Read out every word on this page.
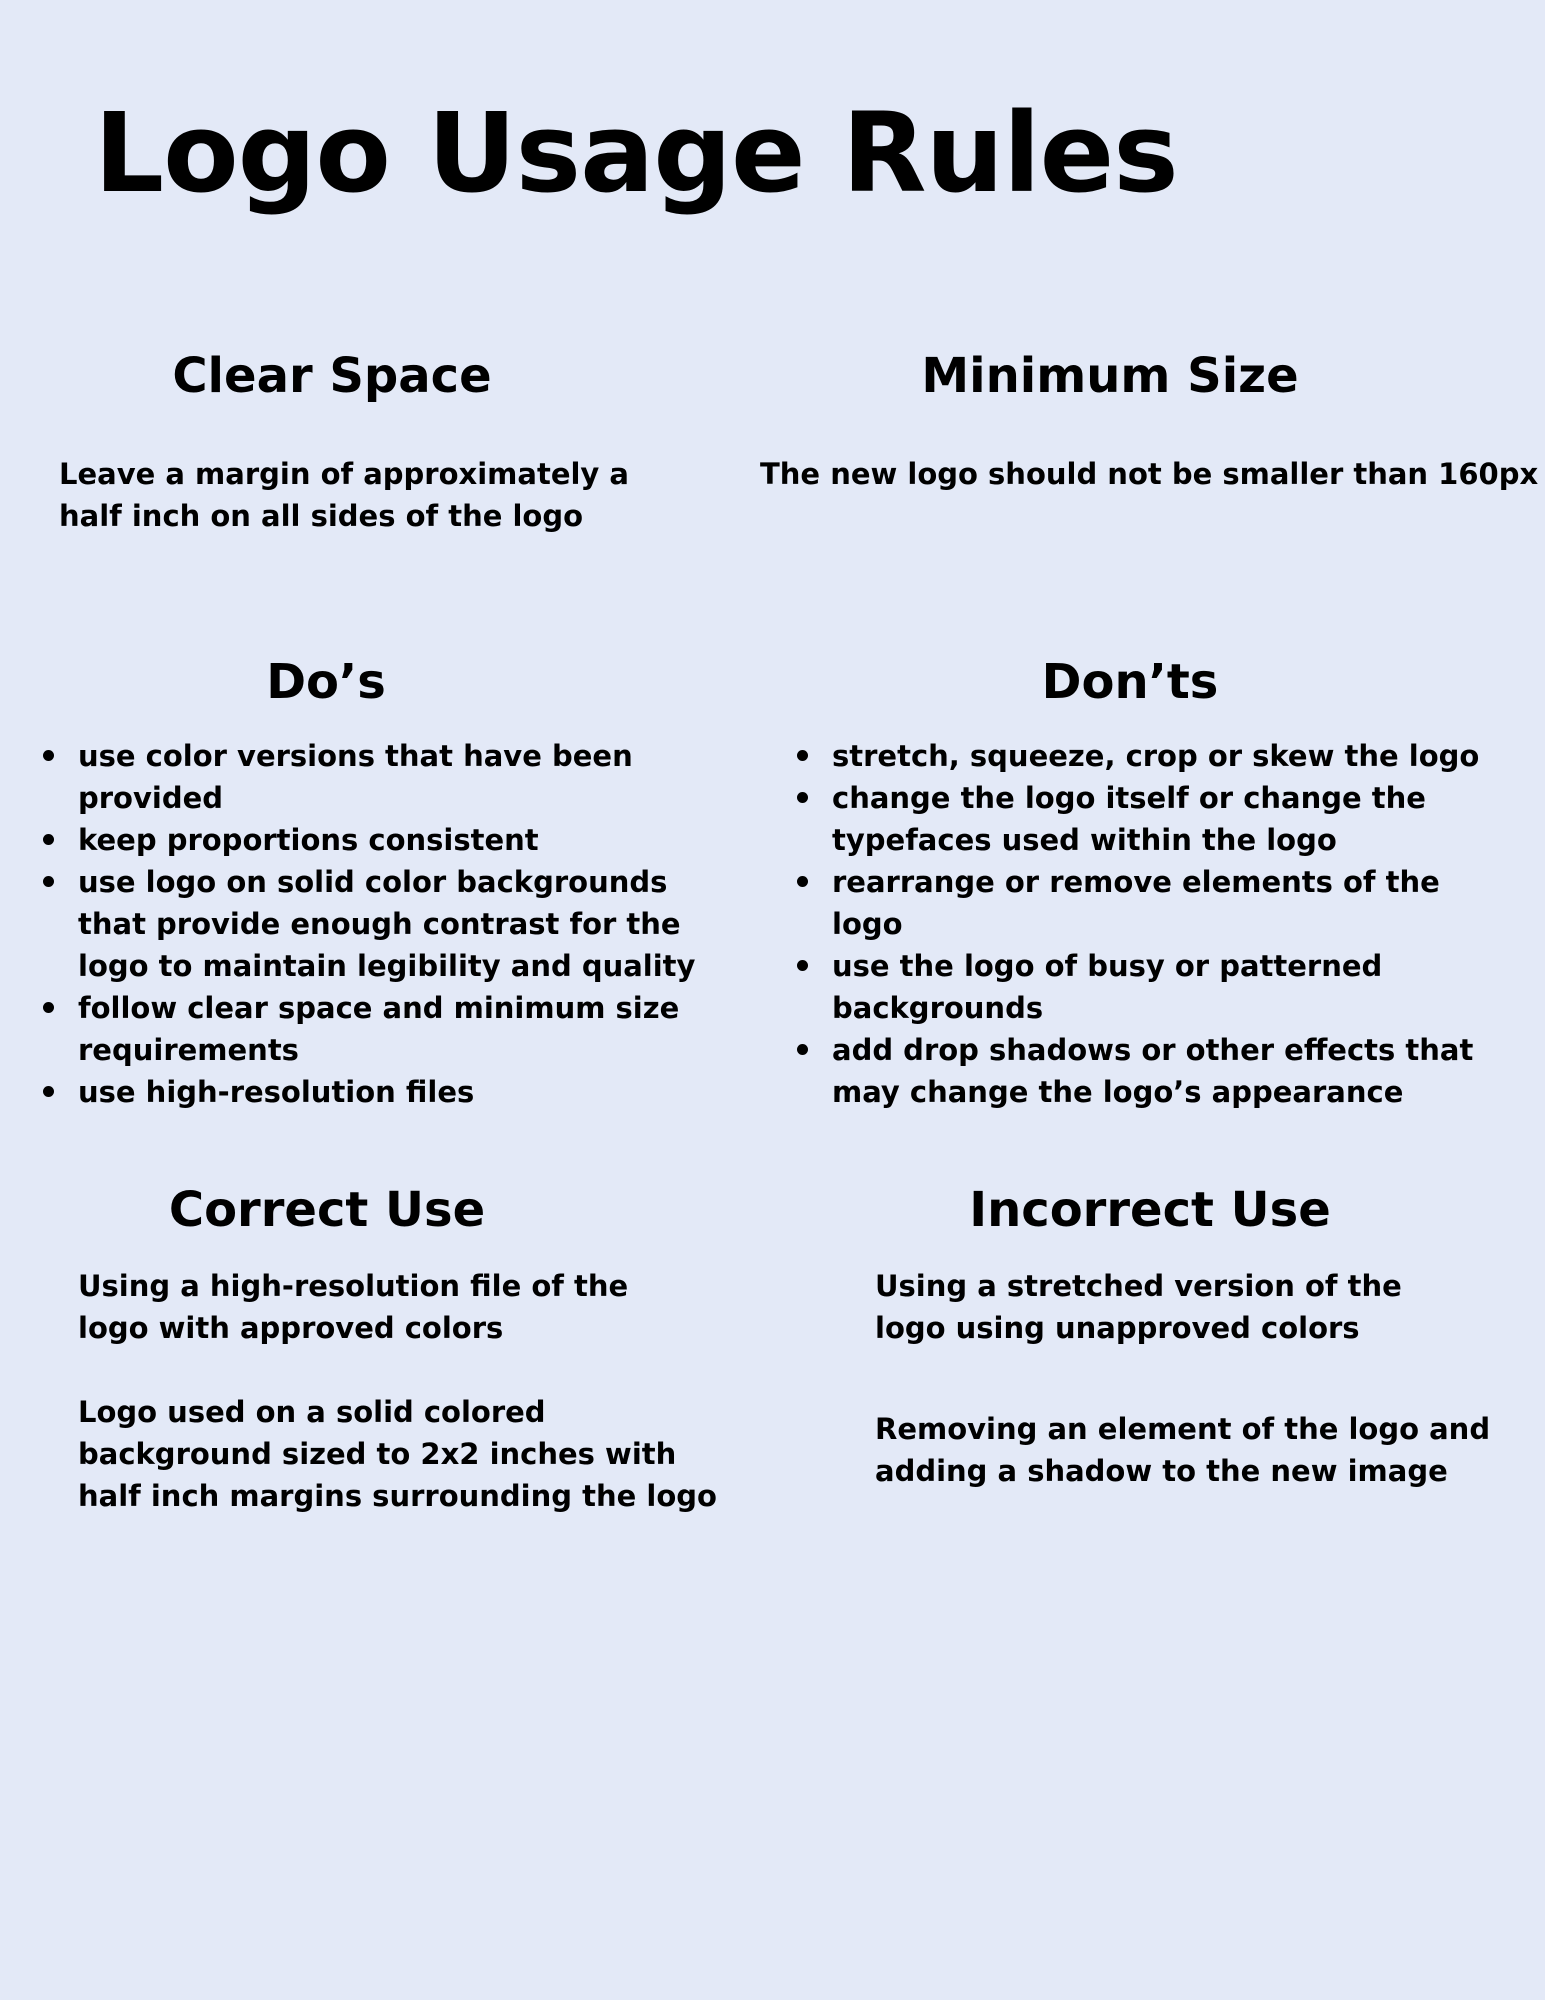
Logo Usage Rules
Clear Space
Leave a margin of approximately a half inch on all sides of the logo
Minimum Size
The new logo should not be smaller than 160px
Do’s
use color versions that have been provided
keep proportions consistent
use logo on solid color backgrounds that provide enough contrast for the logo to maintain legibility and quality
follow clear space and minimum size requirements
use high-resolution files
Don’ts
stretch, squeeze, crop or skew the logo
change the logo itself or change the typefaces used within the logo
rearrange or remove elements of the logo
use the logo of busy or patterned backgrounds
add drop shadows or other effects that may change the logo’s appearance
Correct Use
Using a high-resolution file of the logo with approved colors
Logo used on a solid colored background sized to 2x2 inches with half inch margins surrounding the logo
Incorrect Use
Using a stretched version of the logo using unapproved colors
Removing an element of the logo and adding a shadow to the new image
